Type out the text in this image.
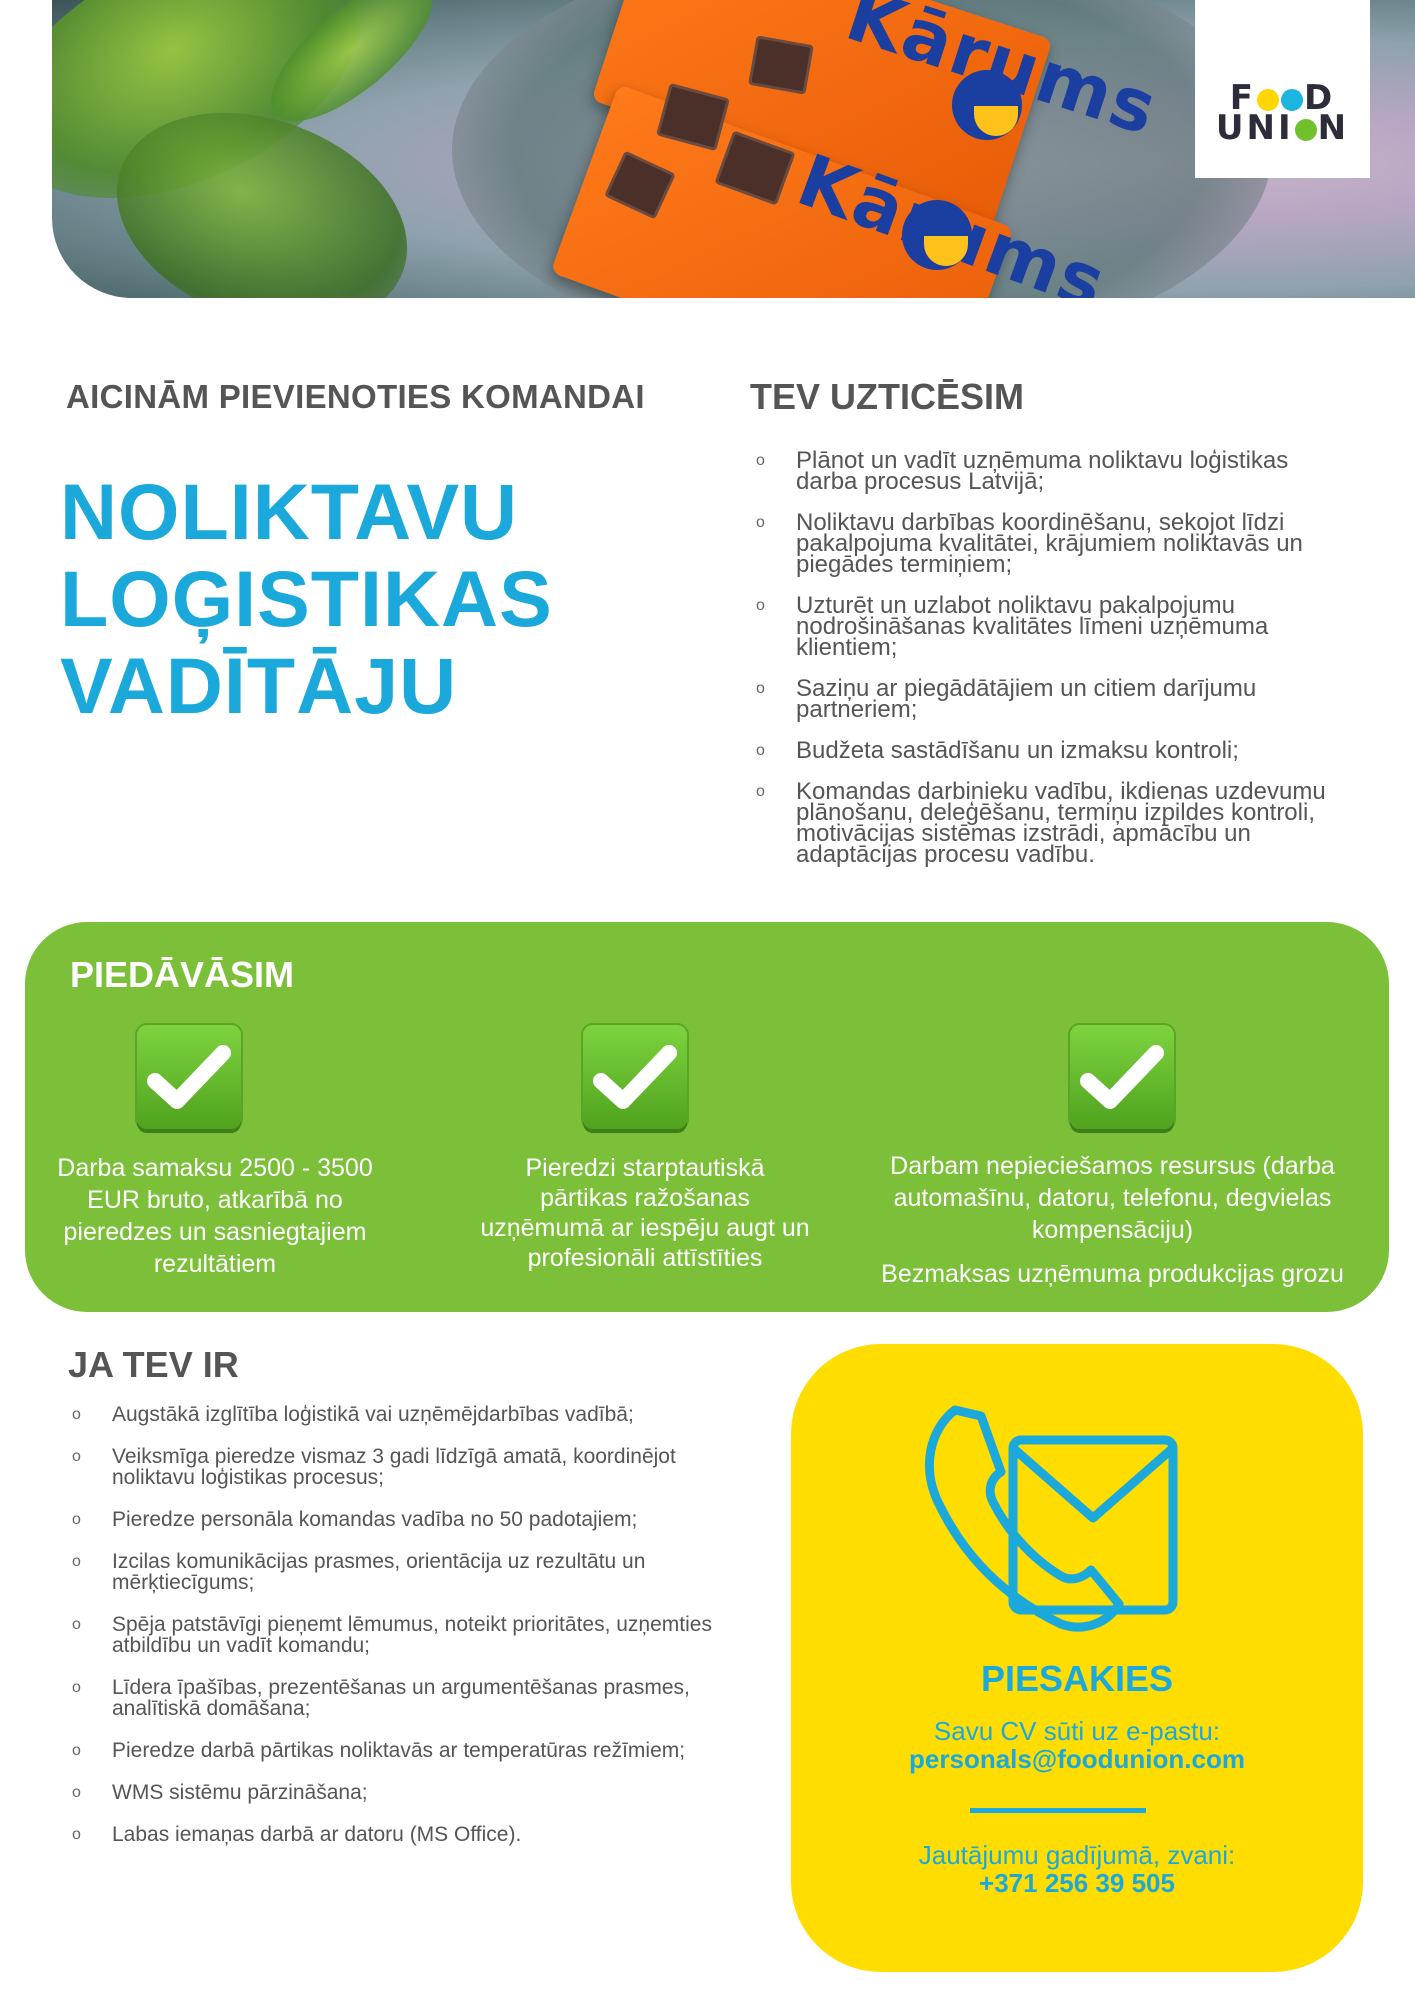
F D
UNI N
AICINĀM PIEVIENOTIES KOMANDAI
NOLIKTAVU
LOĢISTIKAS
VADĪTĀJU
TEV UZTICĒSIM
o Plānot un vadīt uzņēmuma noliktavu loģistikas darba procesus Latvijā;
o Noliktavu darbības koordinēšanu, sekojot līdzi pakalpojuma kvalitātei, krājumiem noliktavās un piegādes termiņiem;
o Uzturēt un uzlabot noliktavu pakalpojumu nodrošināšanas kvalitātes līmeni uzņēmuma klientiem;
o Saziņu ar piegādātājiem un citiem darījumu partneriem;
o Budžeta sastādīšanu un izmaksu kontroli;
o Komandas darbinieku vadību, ikdienas uzdevumu plānošanu, deleģēšanu, termiņu izpildes kontroli, motivācijas sistēmas izstrādi, apmācību un adaptācijas procesu vadību.
PIEDĀVĀSIM
Darba samaksu 2500 - 3500 EUR bruto, atkarībā no pieredzes un sasniegtajiem rezultātiem
Pieredzi starptautiskā pārtikas ražošanas uzņēmumā ar iespēju augt un profesionāli attīstīties
Darbam nepieciešamos resursus (darba automašīnu, datoru, telefonu, degvielas kompensāciju)
Bezmaksas uzņēmuma produkcijas grozu
JA TEV IR
o Augstākā izglītība loģistikā vai uzņēmējdarbības vadībā;
o Veiksmīga pieredze vismaz 3 gadi līdzīgā amatā, koordinējot noliktavu loģistikas procesus;
o Pieredze personāla komandas vadība no 50 padotajiem;
o Izcilas komunikācijas prasmes, orientācija uz rezultātu un mērķtiecīgums;
o Spēja patstāvīgi pieņemt lēmumus, noteikt prioritātes, uzņemties atbildību un vadīt komandu;
o Līdera īpašības, prezentēšanas un argumentēšanas prasmes, analītiskā domāšana;
o Pieredze darbā pārtikas noliktavās ar temperatūras režīmiem;
o WMS sistēmu pārzināšana;
o Labas iemaņas darbā ar datoru (MS Office).
PIESAKIES
Savu CV sūti uz e-pastu:
personals@foodunion.com
Jautājumu gadījumā, zvani:
+371 256 39 505
